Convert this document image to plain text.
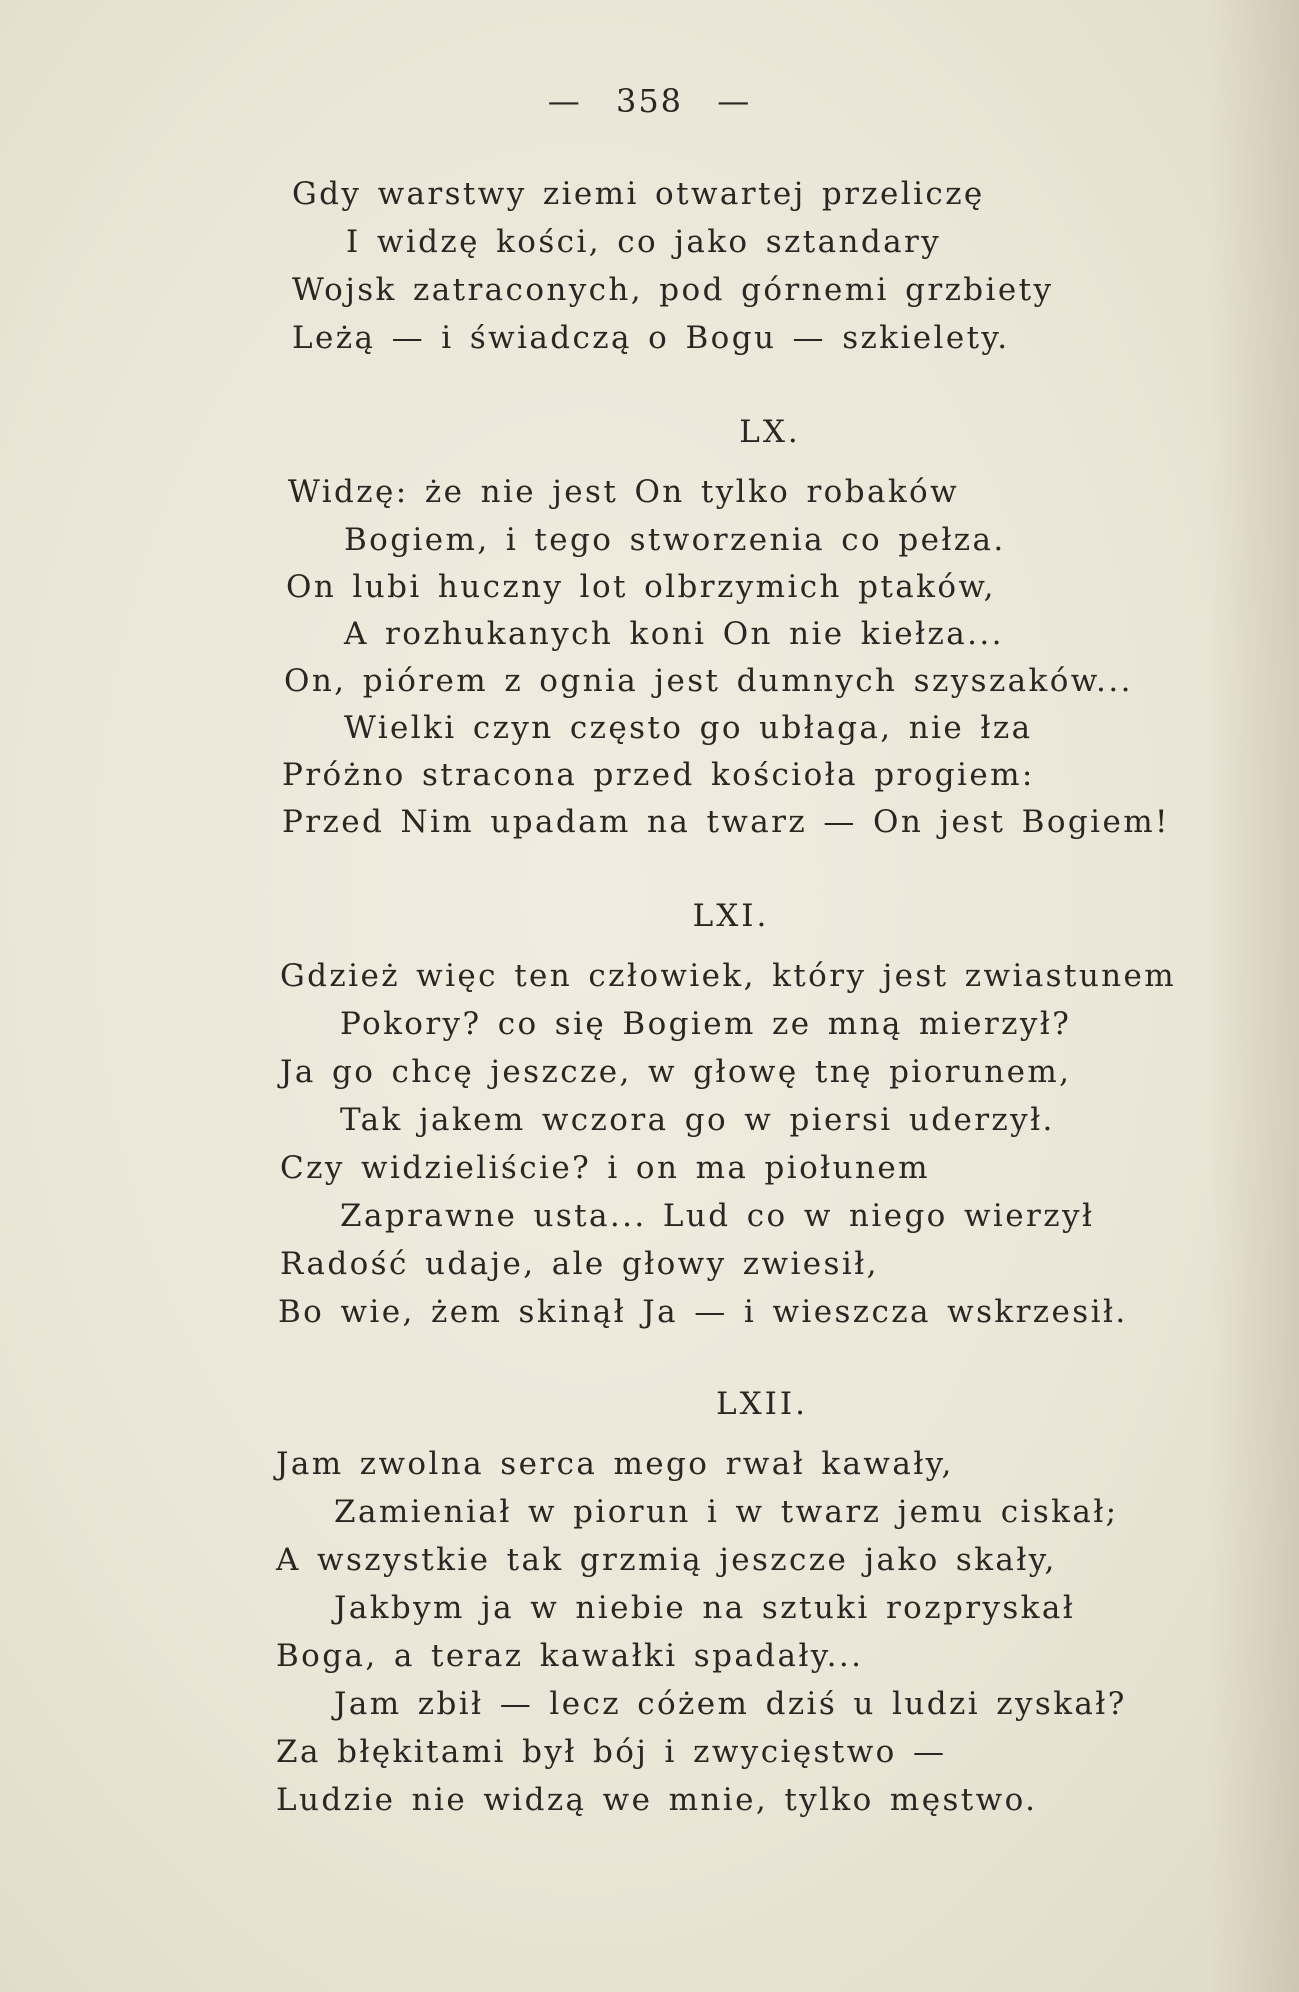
— 358 —
Gdy warstwy ziemi otwartej przeliczę
I widzę kości, co jako sztandary
Wojsk zatraconych, pod górnemi grzbiety
Leżą — i świadczą o Bogu — szkielety.
LX.
Widzę: że nie jest On tylko robaków
Bogiem, i tego stworzenia co pełza.
On lubi huczny lot olbrzymich ptaków,
A rozhukanych koni On nie kiełza...
On, piórem z ognia jest dumnych szyszaków...
Wielki czyn często go ubłaga, nie łza
Próżno stracona przed kościoła progiem:
Przed Nim upadam na twarz — On jest Bogiem!
LXI.
Gdzież więc ten człowiek, który jest zwiastunem
Pokory? co się Bogiem ze mną mierzył?
Ja go chcę jeszcze, w głowę tnę piorunem,
Tak jakem wczora go w piersi uderzył.
Czy widzieliście? i on ma piołunem
Zaprawne usta... Lud co w niego wierzył
Radość udaje, ale głowy zwiesił,
Bo wie, żem skinął Ja — i wieszcza wskrzesił.
LXII.
Jam zwolna serca mego rwał kawały,
Zamieniał w piorun i w twarz jemu ciskał;
A wszystkie tak grzmią jeszcze jako skały,
Jakbym ja w niebie na sztuki rozpryskał
Boga, a teraz kawałki spadały...
Jam zbił — lecz cóżem dziś u ludzi zyskał?
Za błękitami był bój i zwycięstwo —
Ludzie nie widzą we mnie, tylko męstwo.
